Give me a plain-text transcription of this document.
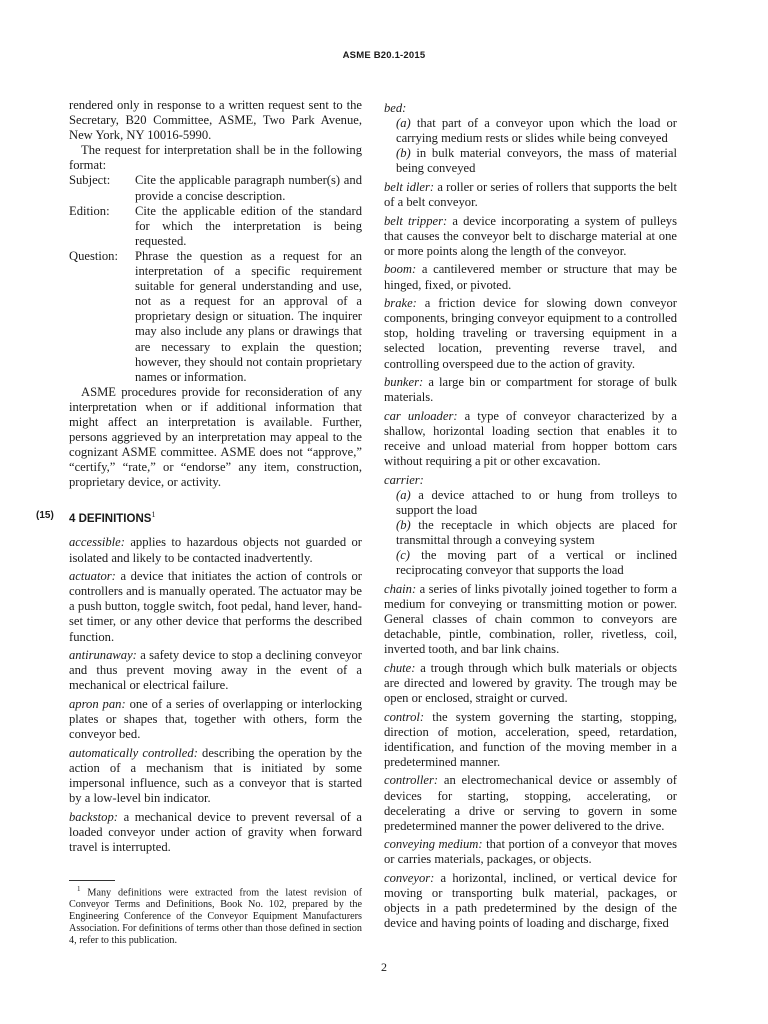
ASME B20.1-2015

rendered only in response to a written request sent to the Secretary, B20 Committee, ASME, Two Park Avenue, New York, NY 10016-5990.

The request for interpretation shall be in the following format:

Subject:	Cite the applicable paragraph number(s) and provide a concise description.
Edition:	Cite the applicable edition of the standard for which the interpretation is being requested.
Question:	Phrase the question as a request for an interpretation of a specific requirement suitable for general understanding and use, not as a request for an approval of a proprietary design or situation. The inquirer may also include any plans or drawings that are necessary to explain the question; however, they should not contain proprietary names or information.

ASME procedures provide for reconsideration of any interpretation when or if additional information that might affect an interpretation is available. Further, persons aggrieved by an interpretation may appeal to the cognizant ASME committee. ASME does not “approve,” “certify,” “rate,” or “endorse” any item, construction, proprietary device, or activity.

(15) 4 DEFINITIONS$^1$

accessible: applies to hazardous objects not guarded or isolated and likely to be contacted inadvertently.

actuator: a device that initiates the action of controls or controllers and is manually operated. The actuator may be a push button, toggle switch, foot pedal, hand lever, hand-set timer, or any other device that performs the described function.

antirunaway: a safety device to stop a declining conveyor and thus prevent moving away in the event of a mechanical or electrical failure.

apron pan: one of a series of overlapping or interlocking plates or shapes that, together with others, form the conveyor bed.

automatically controlled: describing the operation by the action of a mechanism that is initiated by some impersonal influence, such as a conveyor that is started by a low-level bin indicator.

backstop: a mechanical device to prevent reversal of a loaded conveyor under action of gravity when forward travel is interrupted.

$^1$ Many definitions were extracted from the latest revision of Conveyor Terms and Definitions, Book No. 102, prepared by the Engineering Conference of the Conveyor Equipment Manufacturers Association. For definitions of terms other than those defined in section 4, refer to this publication.

bed:

(a) that part of a conveyor upon which the load or carrying medium rests or slides while being conveyed

(b) in bulk material conveyors, the mass of material being conveyed

belt idler: a roller or series of rollers that supports the belt of a belt conveyor.

belt tripper: a device incorporating a system of pulleys that causes the conveyor belt to discharge material at one or more points along the length of the conveyor.

boom: a cantilevered member or structure that may be hinged, fixed, or pivoted.

brake: a friction device for slowing down conveyor components, bringing conveyor equipment to a controlled stop, holding traveling or traversing equipment in a selected location, preventing reverse travel, and controlling overspeed due to the action of gravity.

bunker: a large bin or compartment for storage of bulk materials.

car unloader: a type of conveyor characterized by a shallow, horizontal loading section that enables it to receive and unload material from hopper bottom cars without requiring a pit or other excavation.

carrier:

(a) a device attached to or hung from trolleys to support the load

(b) the receptacle in which objects are placed for transmittal through a conveying system

(c) the moving part of a vertical or inclined reciprocating conveyor that supports the load

chain: a series of links pivotally joined together to form a medium for conveying or transmitting motion or power. General classes of chain common to conveyors are detachable, pintle, combination, roller, rivetless, coil, inverted tooth, and bar link chains.

chute: a trough through which bulk materials or objects are directed and lowered by gravity. The trough may be open or enclosed, straight or curved.

control: the system governing the starting, stopping, direction of motion, acceleration, speed, retardation, identification, and function of the moving member in a predetermined manner.

controller: an electromechanical device or assembly of devices for starting, stopping, accelerating, or decelerating a drive or serving to govern in some predetermined manner the power delivered to the drive.

conveying medium: that portion of a conveyor that moves or carries materials, packages, or objects.

conveyor: a horizontal, inclined, or vertical device for moving or transporting bulk material, packages, or objects in a path predetermined by the design of the device and having points of loading and discharge, fixed

2
